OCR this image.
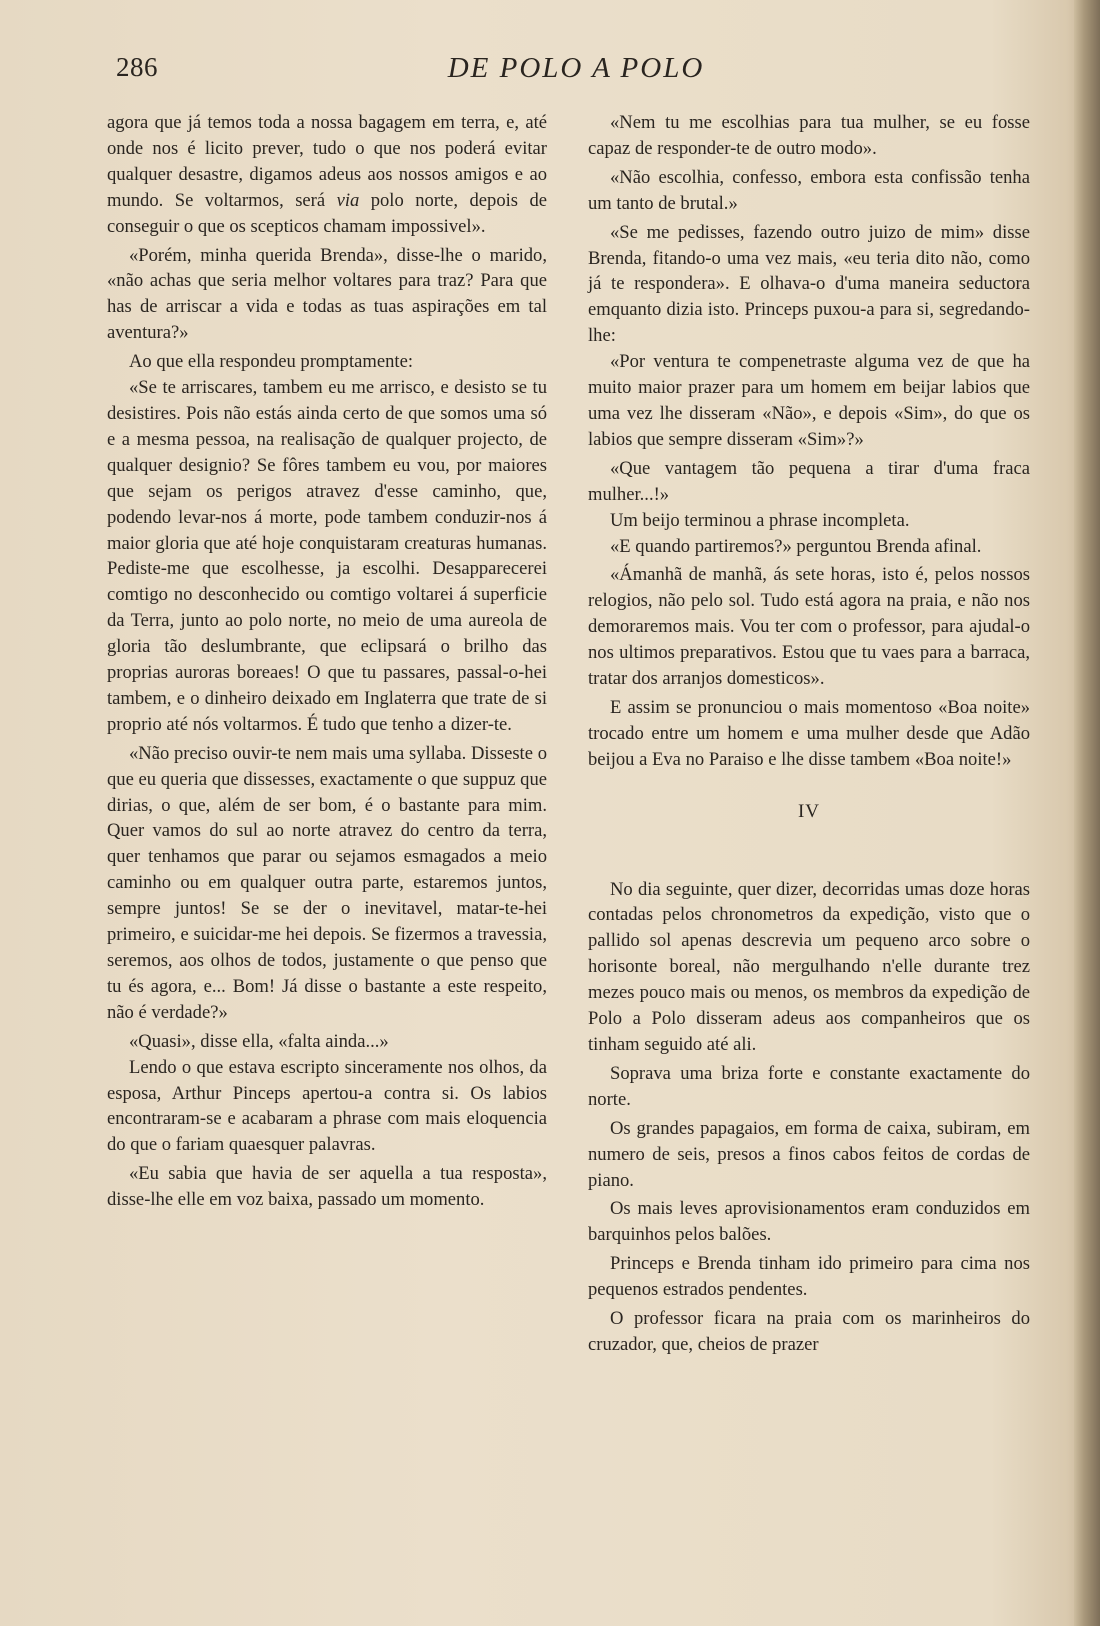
286	DE POLO A POLO

agora que já temos toda a nossa bagagem em terra, e, até onde nos é licito prever, tudo o que nos poderá evitar qualquer desastre, digamos adeus aos nossos amigos e ao mundo. Se voltarmos, será via polo norte, depois de conseguir o que os scepticos chamam impossivel».

«Porém, minha querida Brenda», disse-lhe o marido, «não achas que seria melhor voltares para traz? Para que has de arriscar a vida e todas as tuas aspirações em tal aventura?»

Ao que ella respondeu promptamente:

«Se te arriscares, tambem eu me arrisco, e desisto se tu desistires. Pois não estás ainda certo de que somos uma só e a mesma pessoa, na realisação de qualquer projecto, de qualquer designio? Se fôres tambem eu vou, por maiores que sejam os perigos atravez d'esse caminho, que, podendo levar-nos á morte, pode tambem conduzir-nos á maior gloria que até hoje conquistaram creaturas humanas. Pediste-me que escolhesse, ja escolhi. Desapparecerei comtigo no desconhecido ou comtigo voltarei á superficie da Terra, junto ao polo norte, no meio de uma aureola de gloria tão deslumbrante, que eclipsará o brilho das proprias auroras boreaes! O que tu passares, passal-o-hei tambem, e o dinheiro deixado em Inglaterra que trate de si proprio até nós voltarmos. É tudo que tenho a dizer-te.

«Não preciso ouvir-te nem mais uma syllaba. Disseste o que eu queria que dissesses, exactamente o que suppuz que dirias, o que, além de ser bom, é o bastante para mim. Quer vamos do sul ao norte atravez do centro da terra, quer tenhamos que parar ou sejamos esmagados a meio caminho ou em qualquer outra parte, estaremos juntos, sempre juntos! Se se der o inevitavel, matar-te-hei primeiro, e suicidar-me hei depois. Se fizermos a travessia, seremos, aos olhos de todos, justamente o que penso que tu és agora, e... Bom! Já disse o bastante a este respeito, não é verdade?»

«Quasi», disse ella, «falta ainda...»

Lendo o que estava escripto sinceramente nos olhos, da esposa, Arthur Pinceps apertou-a contra si. Os labios encontraram-se e acabaram a phrase com mais eloquencia do que o fariam quaesquer palavras.

«Eu sabia que havia de ser aquella a tua resposta», disse-lhe elle em voz baixa, passado um momento.

«Nem tu me escolhias para tua mulher, se eu fosse capaz de responder-te de outro modo».

«Não escolhia, confesso, embora esta confissão tenha um tanto de brutal.»

«Se me pedisses, fazendo outro juizo de mim» disse Brenda, fitando-o uma vez mais, «eu teria dito não, como já te respondera». E olhava-o d'uma maneira seductora emquanto dizia isto. Princeps puxou-a para si, segredando-lhe:

«Por ventura te compenetraste alguma vez de que ha muito maior prazer para um homem em beijar labios que uma vez lhe disseram «Não», e depois «Sim», do que os labios que sempre disseram «Sim»?»

«Que vantagem tão pequena a tirar d'uma fraca mulher...!»

Um beijo terminou a phrase incompleta.

«E quando partiremos?» perguntou Brenda afinal.

«Ámanhã de manhã, ás sete horas, isto é, pelos nossos relogios, não pelo sol. Tudo está agora na praia, e não nos demoraremos mais. Vou ter com o professor, para ajudal-o nos ultimos preparativos. Estou que tu vaes para a barraca, tratar dos arranjos domesticos».

E assim se pronunciou o mais momentoso «Boa noite» trocado entre um homem e uma mulher desde que Adão beijou a Eva no Paraiso e lhe disse tambem «Boa noite!»

IV

No dia seguinte, quer dizer, decorridas umas doze horas contadas pelos chronometros da expedição, visto que o pallido sol apenas descrevia um pequeno arco sobre o horisonte boreal, não mergulhando n'elle durante trez mezes pouco mais ou menos, os membros da expedição de Polo a Polo disseram adeus aos companheiros que os tinham seguido até ali.

Soprava uma briza forte e constante exactamente do norte.

Os grandes papagaios, em forma de caixa, subiram, em numero de seis, presos a finos cabos feitos de cordas de piano.

Os mais leves aprovisionamentos eram conduzidos em barquinhos pelos balões.

Princeps e Brenda tinham ido primeiro para cima nos pequenos estrados pendentes.

O professor ficara na praia com os marinheiros do cruzador, que, cheios de prazer
